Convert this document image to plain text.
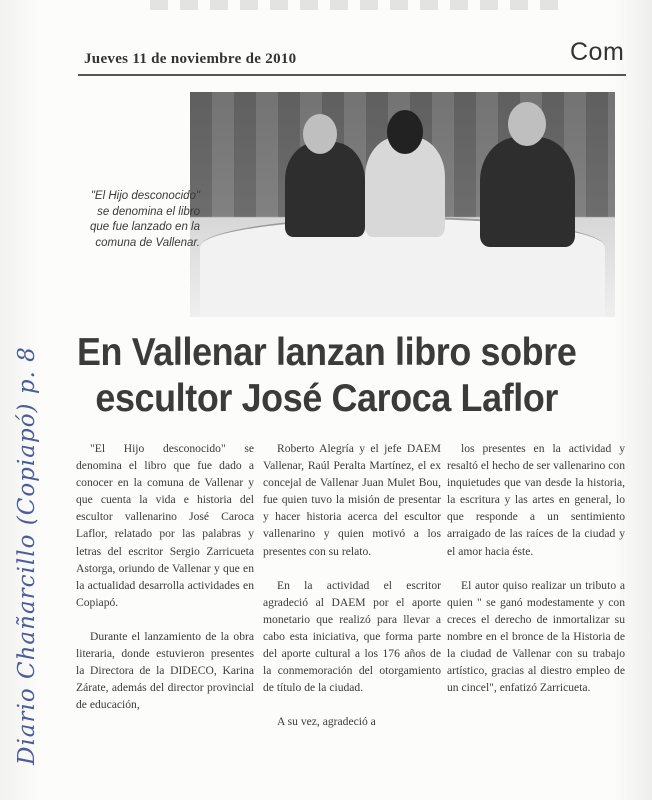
Jueves 11 de noviembre de 2010	Com
"El Hijo desconocido" se denomina el libro que fue lanzado en la comuna de Vallenar.
En Vallenar lanzan libro sobre escultor José Caroca Laflor

"El Hijo desconocido" se denomina el libro que fue dado a conocer en la comuna de Vallenar y que cuenta la vida e historia del escultor vallenarino José Caroca Laflor, relatado por las palabras y letras del escritor Sergio Zarricueta Astorga, oriundo de Vallenar y que en la actualidad desarrolla actividades en Copiapó.

Durante el lanzamiento de la obra literaria, donde estuvieron presentes la Directora de la DIDECO, Karina Zárate, además del director provincial de educación,

Roberto Alegría y el jefe DAEM Vallenar, Raúl Peralta Martínez, el ex concejal de Vallenar Juan Mulet Bou, fue quien tuvo la misión de presentar y hacer historia acerca del escultor vallenarino y quien motivó a los presentes con su relato.

En la actividad el escritor agradeció al DAEM por el aporte monetario que realizó para llevar a cabo esta iniciativa, que forma parte del aporte cultural a los 176 años de la conmemoración del otorgamiento de título de la ciudad.

A su vez, agradeció a

los presentes en la actividad y resaltó el hecho de ser vallenarino con inquietudes que van desde la historia, la escritura y las artes en general, lo que responde a un sentimiento arraigado de las raíces de la ciudad y el amor hacia éste.

El autor quiso realizar un tributo a quien " se ganó modestamente y con creces el derecho de inmortalizar su nombre en el bronce de la Historia de la ciudad de Vallenar con su trabajo artístico, gracias al diestro empleo de un cincel", enfatizó Zarricueta.

Diario Chañarcillo (Copiapó) p. 8
